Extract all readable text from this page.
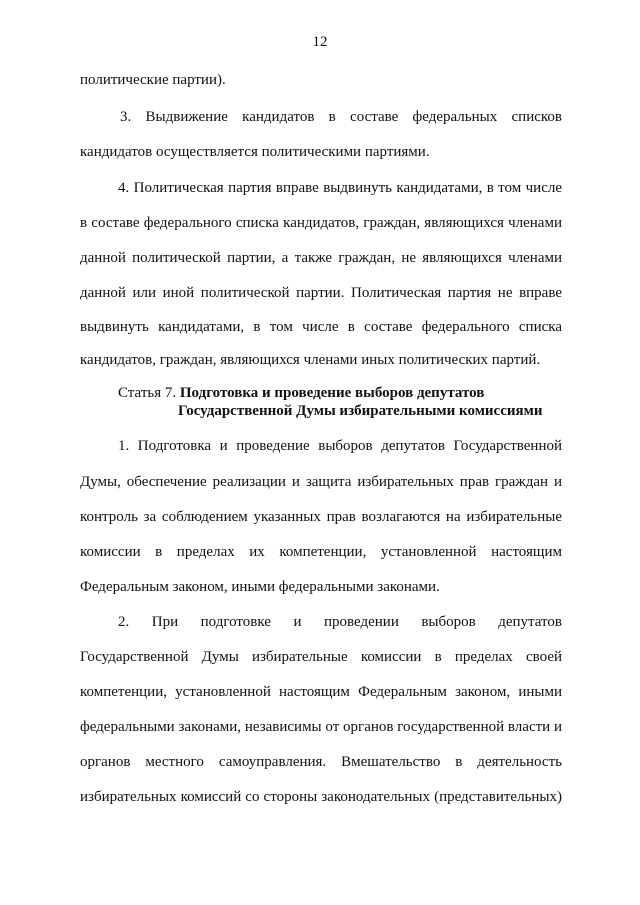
12
политические партии).
3. Выдвижение кандидатов в составе федеральных списков
кандидатов осуществляется политическими партиями.
4. Политическая партия вправе выдвинуть кандидатами, в том числе
в составе федерального списка кандидатов, граждан, являющихся членами
данной политической партии, а также граждан, не являющихся членами
данной или иной политической партии. Политическая партия не вправе
выдвинуть кандидатами, в том числе в составе федерального списка
кандидатов, граждан, являющихся членами иных политических партий.
Статья 7. Подготовка и проведение выборов депутатов
Государственной Думы избирательными комиссиями
1. Подготовка и проведение выборов депутатов Государственной
Думы, обеспечение реализации и защита избирательных прав граждан и
контроль за соблюдением указанных прав возлагаются на избирательные
комиссии в пределах их компетенции, установленной настоящим
Федеральным законом, иными федеральными законами.
2. При подготовке и проведении выборов депутатов
Государственной Думы избирательные комиссии в пределах своей
компетенции, установленной настоящим Федеральным законом, иными
федеральными законами, независимы от органов государственной власти и
органов местного самоуправления. Вмешательство в деятельность
избирательных комиссий со стороны законодательных (представительных)
